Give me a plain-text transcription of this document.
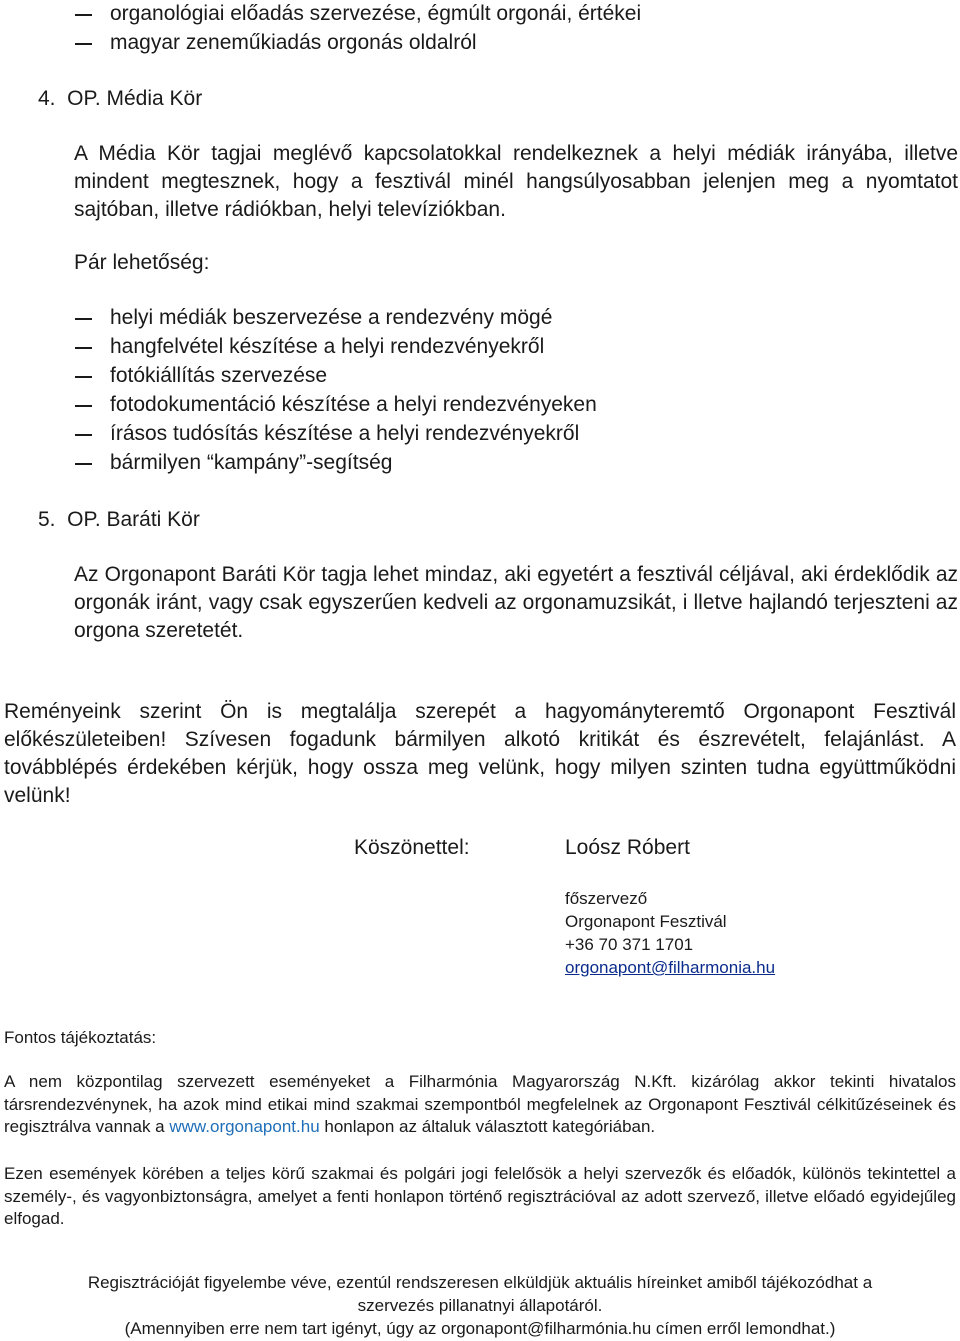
organológiai előadás szervezése, égmúlt orgonái, értékei
magyar zeneműkiadás orgonás oldalról
4.  OP. Média Kör
A Média Kör tagjai meglévő kapcsolatokkal rendelkeznek a helyi médiák irányába, illetve mindent megtesznek, hogy a fesztivál minél hangsúlyosabban jelenjen meg a nyomtatot sajtóban, illetve rádiókban, helyi televíziókban.
Pár lehetőség:
helyi médiák beszervezése a rendezvény mögé
hangfelvétel készítése a helyi rendezvényekről
fotókiállítás szervezése
fotodokumentáció készítése a helyi rendezvényeken
írásos tudósítás készítése a helyi rendezvényekről
bármilyen “kampány”-segítség
5.  OP. Baráti Kör
Az Orgonapont Baráti Kör tagja lehet mindaz, aki egyetért a fesztivál céljával, aki érdeklődik az orgonák iránt, vagy csak egyszerűen kedveli az orgonamuzsikát, i lletve hajlandó terjeszteni az orgona szeretetét.
Reményeink szerint Ön is megtalálja szerepét a hagyományteremtő Orgonapont Fesztivál előkészületeiben! Szívesen fogadunk bármilyen alkotó kritikát és észrevételt, felajánlást. A továbblépés érdekében kérjük, hogy ossza meg velünk, hogy milyen szinten tudna együttműködni velünk!
Köszönettel:	Loósz Róbert
főszervező
Orgonapont Fesztivál
+36 70 371 1701
orgonapont@filharmonia.hu
Fontos tájékoztatás:
A nem központilag szervezett eseményeket a Filharmónia Magyarország N.Kft. kizárólag akkor tekinti hivatalos társrendezvénynek, ha azok mind etikai mind szakmai szempontból megfelelnek az Orgonapont Fesztivál célkitűzéseinek és regisztrálva vannak a www.orgonapont.hu honlapon az általuk választott kategóriában.
Ezen események körében a teljes körű szakmai és polgári jogi felelősök a helyi szervezők és előadók, különös tekintettel a személy-, és vagyonbiztonságra, amelyet a fenti honlapon történő regisztrációval az adott szervező, illetve előadó egyidejűleg elfogad.
Regisztrációját figyelembe véve, ezentúl rendszeresen elküldjük aktuális híreinket amiből tájékozódhat a
szervezés pillanatnyi állapotáról.
(Amennyiben erre nem tart igényt, úgy az orgonapont@filharmónia.hu címen erről lemondhat.)
